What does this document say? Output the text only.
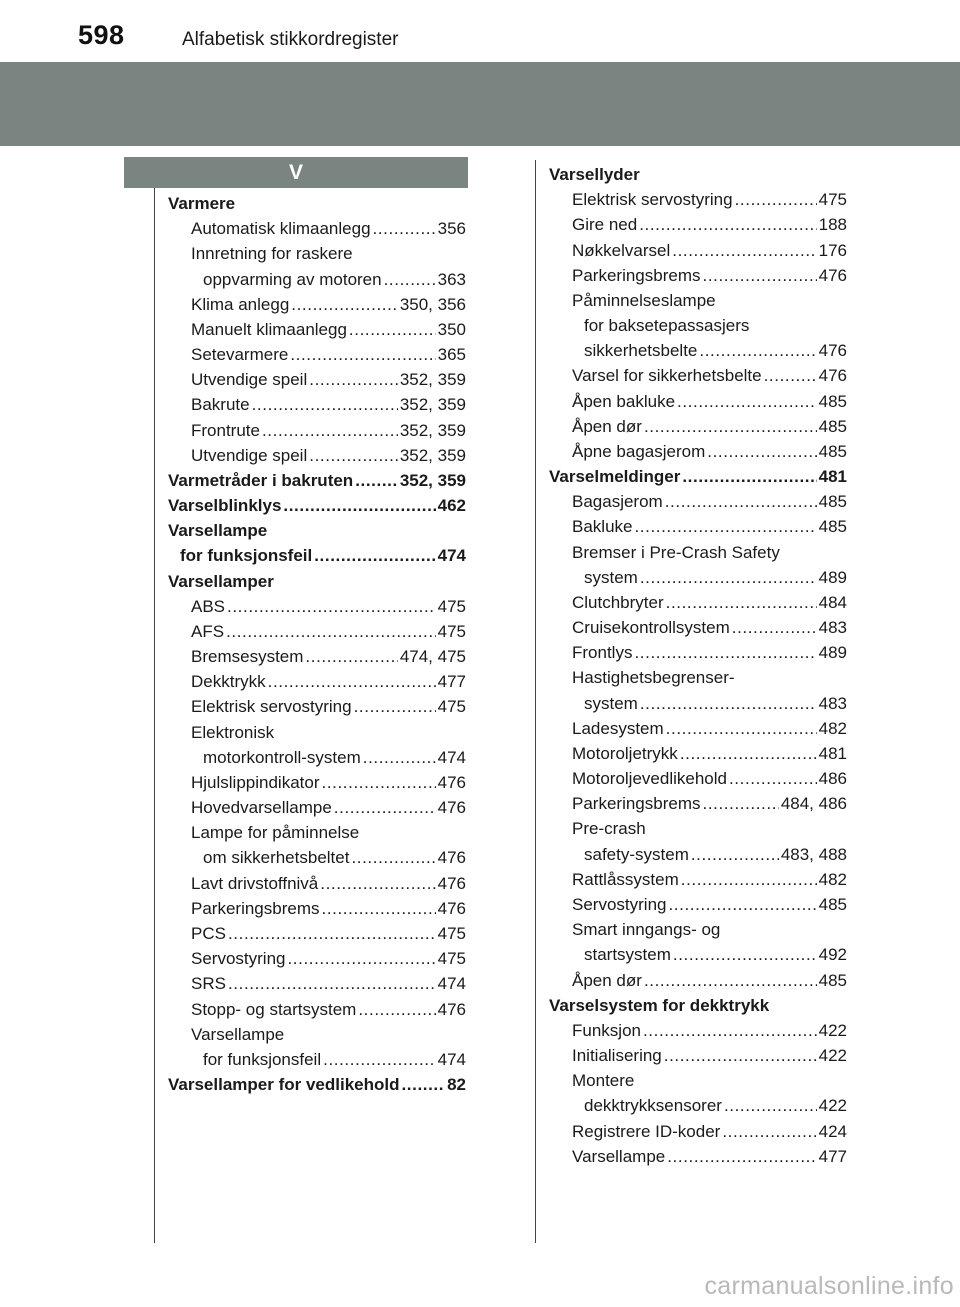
598	Alfabetisk stikkordregister
V
Varmere
Automatisk klimaanlegg .....	356
Innretning for raskere
oppvarming av motoren .....	363
Klima anlegg .....	350, 356
Manuelt klimaanlegg .....	350
Setevarmere .....	365
Utvendige speil .....	352, 359
Bakrute .....	352, 359
Frontrute .....	352, 359
Utvendige speil .....	352, 359
Varmetråder i bakruten .....	352, 359
Varselblinklys .....	462
Varsellampe
for funksjonsfeil .....	474
Varsellamper
ABS .....	475
AFS .....	475
Bremsesystem .....	474, 475
Dekktrykk .....	477
Elektrisk servostyring .....	475
Elektronisk
motorkontroll-system .....	474
Hjulslippindikator .....	476
Hovedvarsellampe .....	476
Lampe for påminnelse
om sikkerhetsbeltet .....	476
Lavt drivstoffnivå .....	476
Parkeringsbrems .....	476
PCS .....	475
Servostyring .....	475
SRS .....	474
Stopp- og startsystem .....	476
Varsellampe
for funksjonsfeil .....	474
Varsellamper for vedlikehold .....	82
Varsellyder
Elektrisk servostyring .....	475
Gire ned .....	188
Nøkkelvarsel .....	176
Parkeringsbrems .....	476
Påminnelseslampe
for baksetepassasjers
sikkerhetsbelte .....	476
Varsel for sikkerhetsbelte .....	476
Åpen bakluke .....	485
Åpen dør .....	485
Åpne bagasjerom .....	485
Varselmeldinger .....	481
Bagasjerom .....	485
Bakluke .....	485
Bremser i Pre-Crash Safety
system .....	489
Clutchbryter .....	484
Cruisekontrollsystem .....	483
Frontlys .....	489
Hastighetsbegrenser-
system .....	483
Ladesystem .....	482
Motoroljetrykk .....	481
Motoroljevedlikehold .....	486
Parkeringsbrems .....	484, 486
Pre-crash
safety-system .....	483, 488
Rattlåssystem .....	482
Servostyring .....	485
Smart inngangs- og
startsystem .....	492
Åpen dør .....	485
Varselsystem for dekktrykk
Funksjon .....	422
Initialisering .....	422
Montere
dekktrykksensorer .....	422
Registrere ID-koder .....	424
Varsellampe .....	477
carmanualsonline.info
